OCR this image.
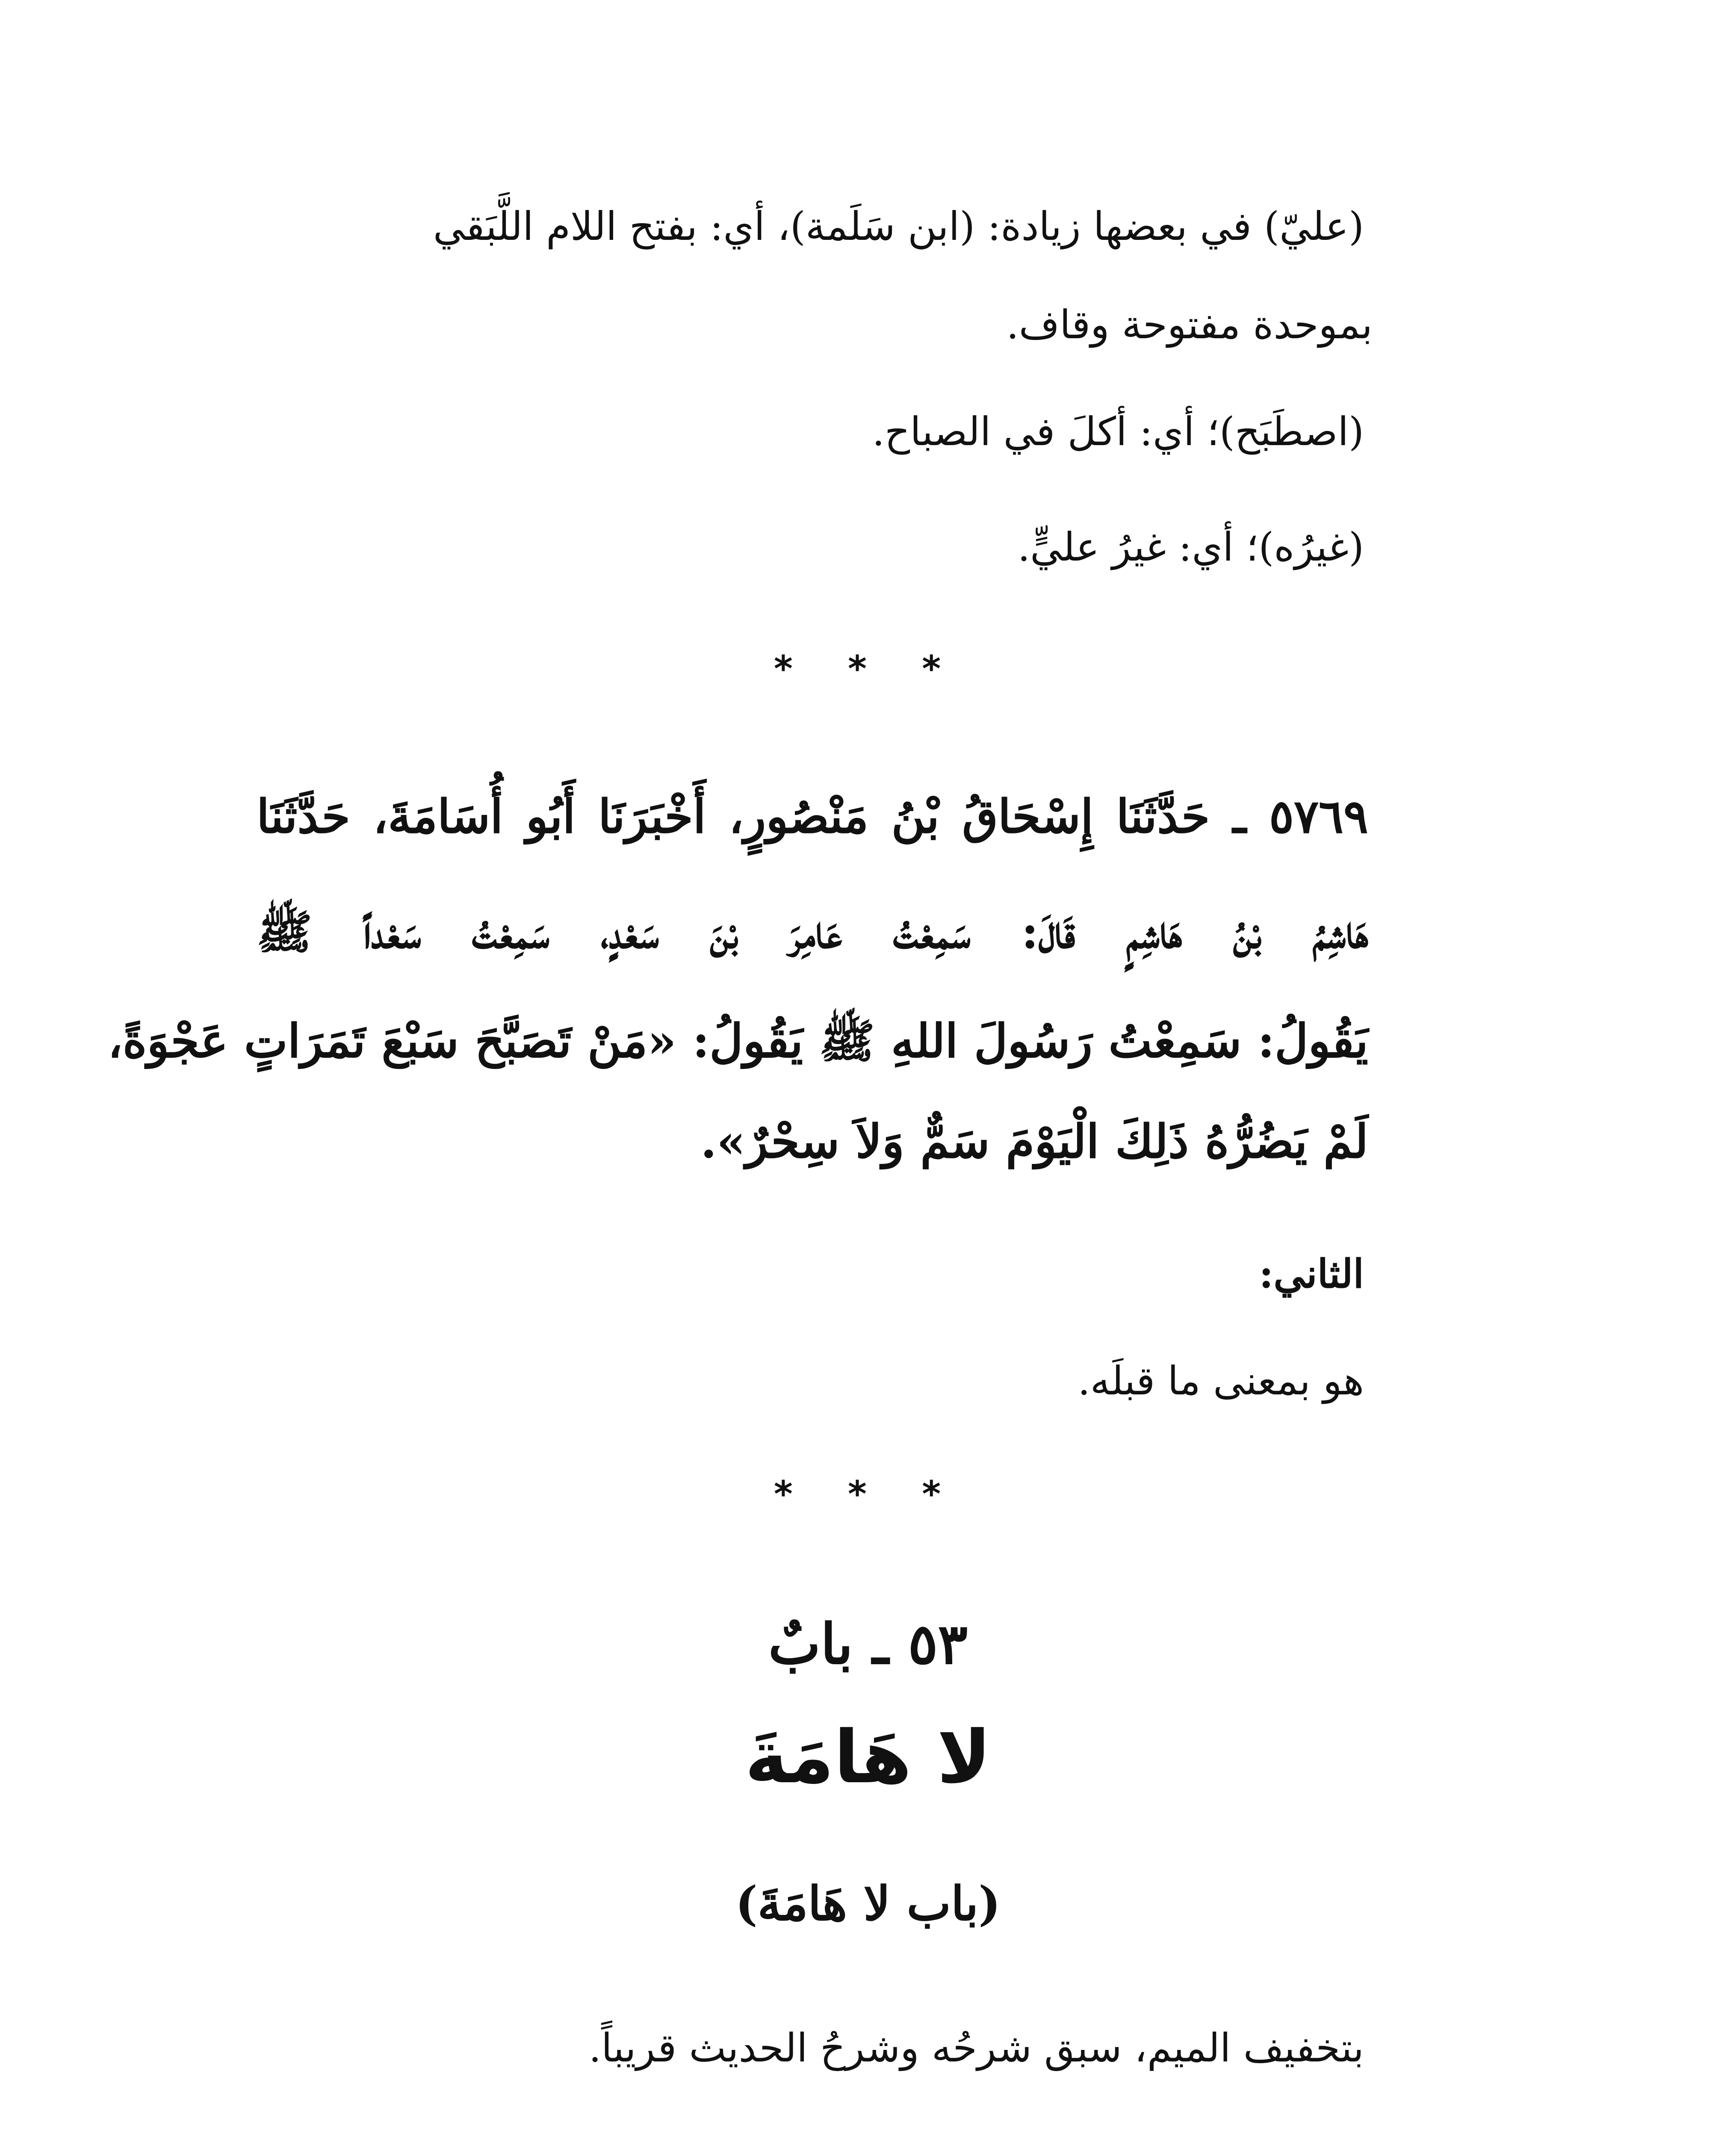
(عليّ) في بعضها زيادة: (ابن سَلَمة)، أي: بفتح اللام اللَّبَقي
بموحدة مفتوحة وقاف.
(اصطَبَح)؛ أي: أكلَ في الصباح.
(غيرُه)؛ أي: غيرُ عليٍّ.
* * *
٥٧٦٩ ـ حَدَّثَنَا إِسْحَاقُ بْنُ مَنْصُورٍ، أَخْبَرَنَا أَبُو أُسَامَةَ، حَدَّثَنَا
هَاشِمُ بْنُ هَاشِمٍ قَالَ: سَمِعْتُ عَامِرَ بْنَ سَعْدٍ، سَمِعْتُ سَعْداً ﷺ
يَقُولُ: سَمِعْتُ رَسُولَ اللهِ ﷺ يَقُولُ: «مَنْ تَصَبَّحَ سَبْعَ تَمَرَاتٍ عَجْوَةً،
لَمْ يَضُرُّهُ ذَلِكَ الْيَوْمَ سَمٌّ وَلاَ سِحْرٌ».
الثاني:
هو بمعنى ما قبلَه.
* * *
٥٣ ـ بابٌ
لا هَامَةَ
(باب لا هَامَةَ)
بتخفيف الميم، سبق شرحُه وشرحُ الحديث قريباً.
